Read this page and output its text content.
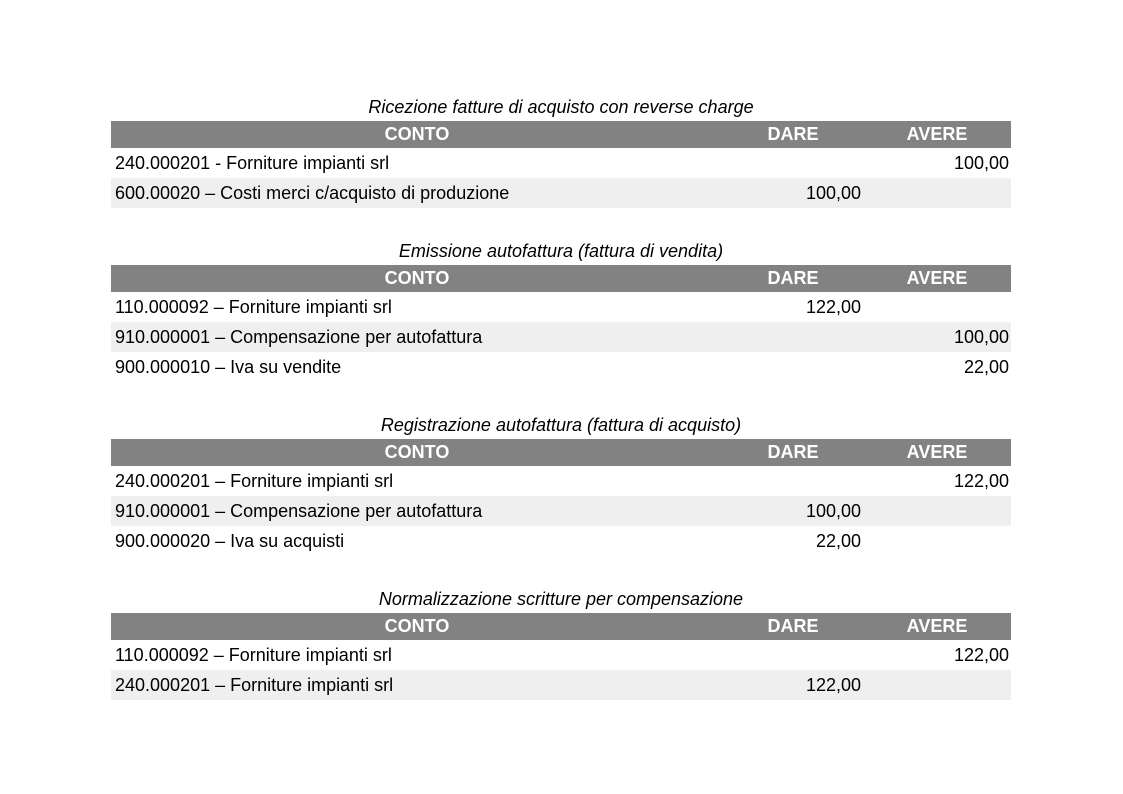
Ricezione fatture di acquisto con reverse charge
CONTO	DARE	AVERE
240.000201 - Forniture impianti srl		100,00
600.00020 – Costi merci c/acquisto di produzione	100,00	
Emissione autofattura (fattura di vendita)
CONTO	DARE	AVERE
110.000092 – Forniture impianti srl	122,00	
910.000001 – Compensazione per autofattura		100,00
900.000010 – Iva su vendite		22,00
Registrazione autofattura (fattura di acquisto)
CONTO	DARE	AVERE
240.000201 – Forniture impianti srl		122,00
910.000001 – Compensazione per autofattura	100,00	
900.000020 – Iva su acquisti	22,00	
Normalizzazione scritture per compensazione
CONTO	DARE	AVERE
110.000092 – Forniture impianti srl		122,00
240.000201 – Forniture impianti srl	122,00	
